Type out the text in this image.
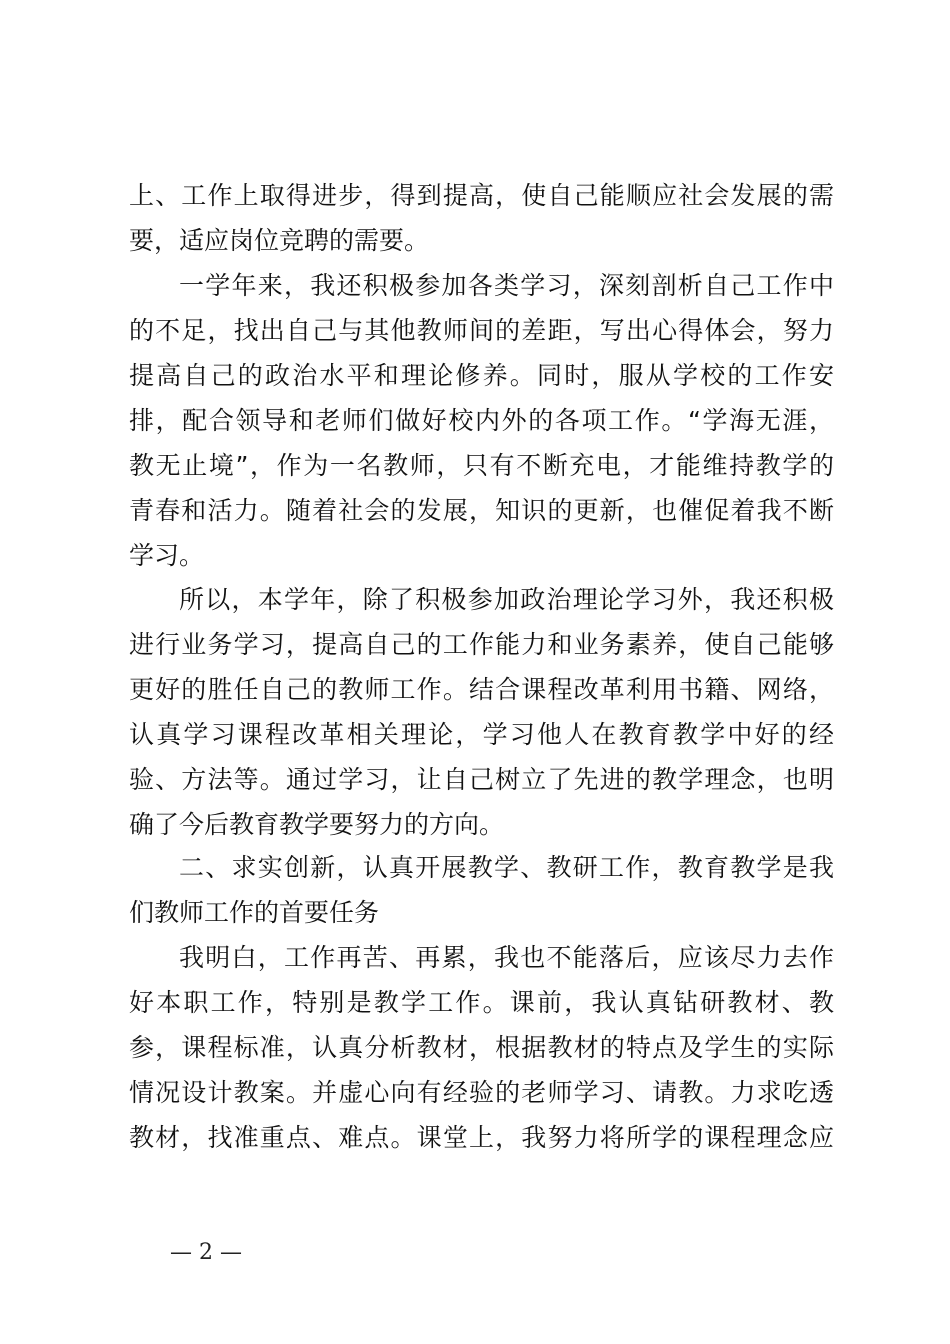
上、工作上取得进步，得到提高，使自己能顺应社会发展的需
要，适应岗位竞聘的需要。
一学年来，我还积极参加各类学习，深刻剖析自己工作中
的不足，找出自己与其他教师间的差距，写出心得体会，努力
提高自己的政治水平和理论修养。同时，服从学校的工作安
排，配合领导和老师们做好校内外的各项工作。“学海无涯，
教无止境”，作为一名教师，只有不断充电，才能维持教学的
青春和活力。随着社会的发展，知识的更新，也催促着我不断
学习。
所以，本学年，除了积极参加政治理论学习外，我还积极
进行业务学习，提高自己的工作能力和业务素养，使自己能够
更好的胜任自己的教师工作。结合课程改革利用书籍、网络，
认真学习课程改革相关理论，学习他人在教育教学中好的经
验、方法等。通过学习，让自己树立了先进的教学理念，也明
确了今后教育教学要努力的方向。
二、求实创新，认真开展教学、教研工作，教育教学是我
们教师工作的首要任务
我明白，工作再苦、再累，我也不能落后，应该尽力去作
好本职工作，特别是教学工作。课前，我认真钻研教材、教
参，课程标准，认真分析教材，根据教材的特点及学生的实际
情况设计教案。并虚心向有经验的老师学习、请教。力求吃透
教材，找准重点、难点。课堂上，我努力将所学的课程理念应
— 2 —
